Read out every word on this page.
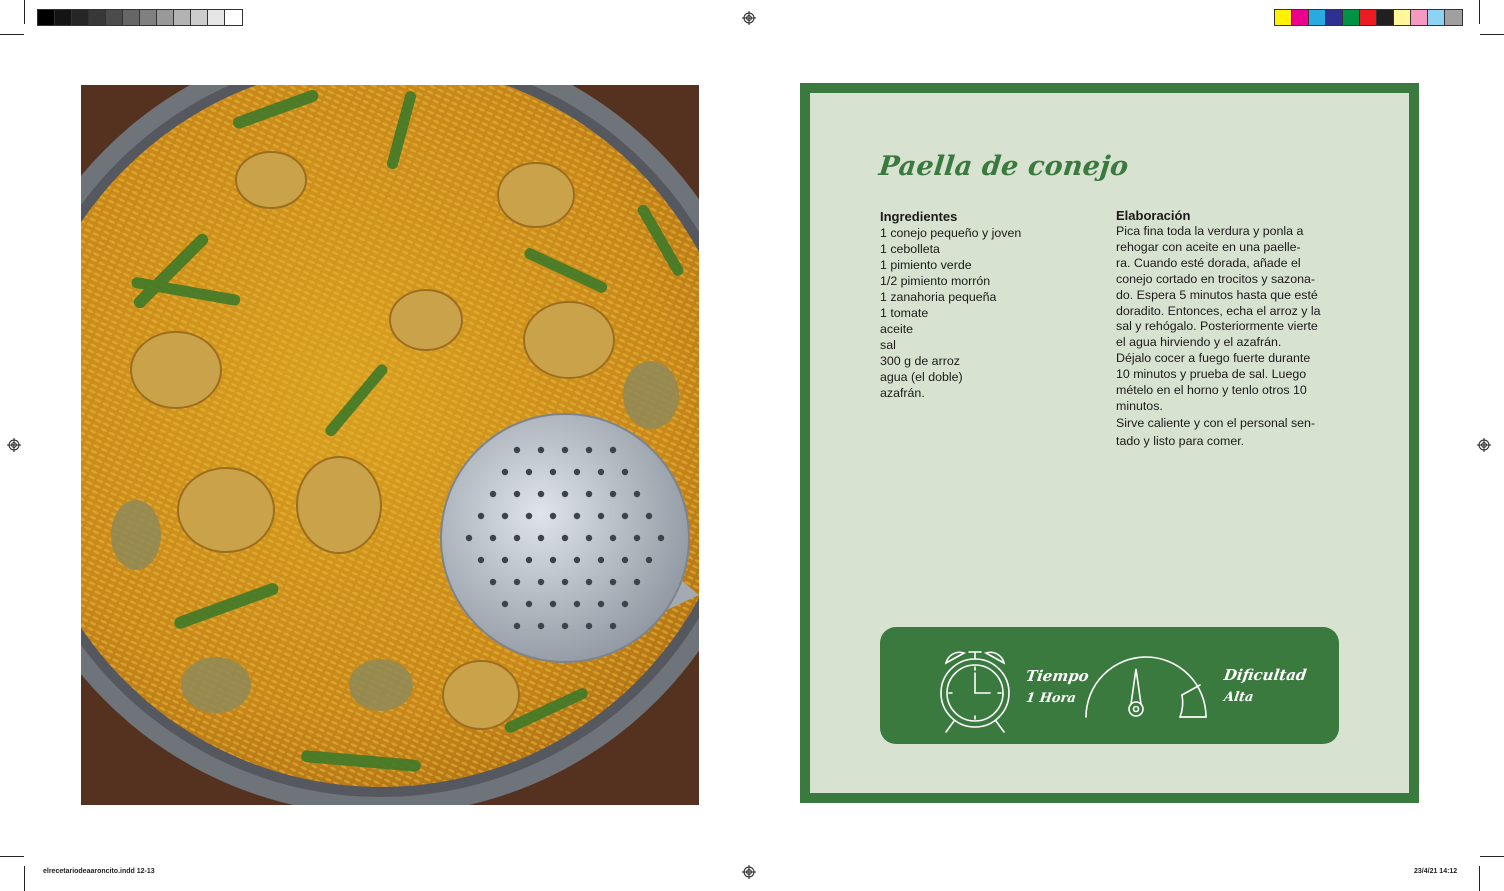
elrecetariodeaaroncito.indd 12-13	23/4/21 14:12
Paella de conejo
Ingredientes
1 conejo pequeño y joven
1 cebolleta
1 pimiento verde
1/2 pimiento morrón
1 zanahoria pequeña
1 tomate
aceite
sal
300 g de arroz
agua (el doble)
azafrán.
Elaboración
Pica fina toda la verdura y ponla a
rehogar con aceite en una paelle-
ra. Cuando esté dorada, añade el
conejo cortado en trocitos y sazona-
do. Espera 5 minutos hasta que esté
doradito. Entonces, echa el arroz y la
sal y rehógalo. Posteriormente vierte
el agua hirviendo y el azafrán.
Déjalo cocer a fuego fuerte durante
10 minutos y prueba de sal. Luego
mételo en el horno y tenlo otros 10
minutos.
Sirve caliente y con el personal sen-
tado y listo para comer.
Tiempo
1 Hora
Dificultad
Alta
